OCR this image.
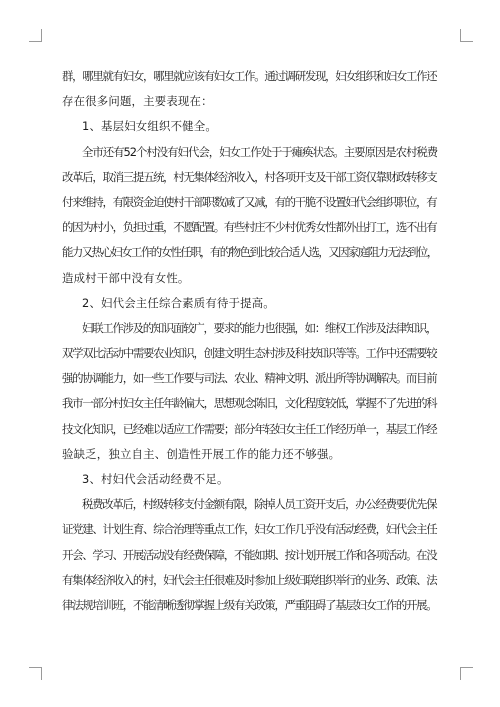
群，哪里就有妇女，哪里就应该有妇女工作。通过调研发现，妇女组织和妇女工作还
存在很多问题，主要表现在：
1、基层妇女组织不健全。
全市还有52个村没有妇代会，妇女工作处于于瘫痪状态。主要原因是农村税费
改革后，取消三提五统，村无集体经济收入，村各项开支及干部工资仅靠财政转移支
付来维持，有限资金迫使村干部职数减了又减，有的干脆不设置妇代会组织职位，有
的因为村小，负担过重，不愿配置。有些村庄不少村优秀女性都外出打工，选不出有
能力又热心妇女工作的女性任职，有的物色到比较合适人选，又因家庭阻力无法到位，
造成村干部中没有女性。
2、妇代会主任综合素质有待于提高。
妇联工作涉及的知识面较广，要求的能力也很强，如：维权工作涉及法律知识，
双学双比活动中需要农业知识，创建文明生态村涉及科技知识等等。工作中还需要较
强的协调能力，如一些工作要与司法、农业、精神文明、派出所等协调解决。而目前
我市一部分村妇女主任年龄偏大，思想观念陈旧，文化程度较低，掌握不了先进的科
技文化知识，已经难以适应工作需要；部分年轻妇女主任工作经历单一，基层工作经
验缺乏，独立自主、创造性开展工作的能力还不够强。
3、村妇代会活动经费不足。
税费改革后，村级转移支付金额有限，除掉人员工资开支后，办公经费要优先保
证党建、计划生育、综合治理等重点工作，妇女工作几乎没有活动经费，妇代会主任
开会、学习、开展活动没有经费保障，不能如期、按计划开展工作和各项活动。在没
有集体经济收入的村，妇代会主任很难及时参加上级妇联组织举行的业务、政策、法
律法规培训班，不能清晰透彻掌握上级有关政策，严重阻碍了基层妇女工作的开展。
